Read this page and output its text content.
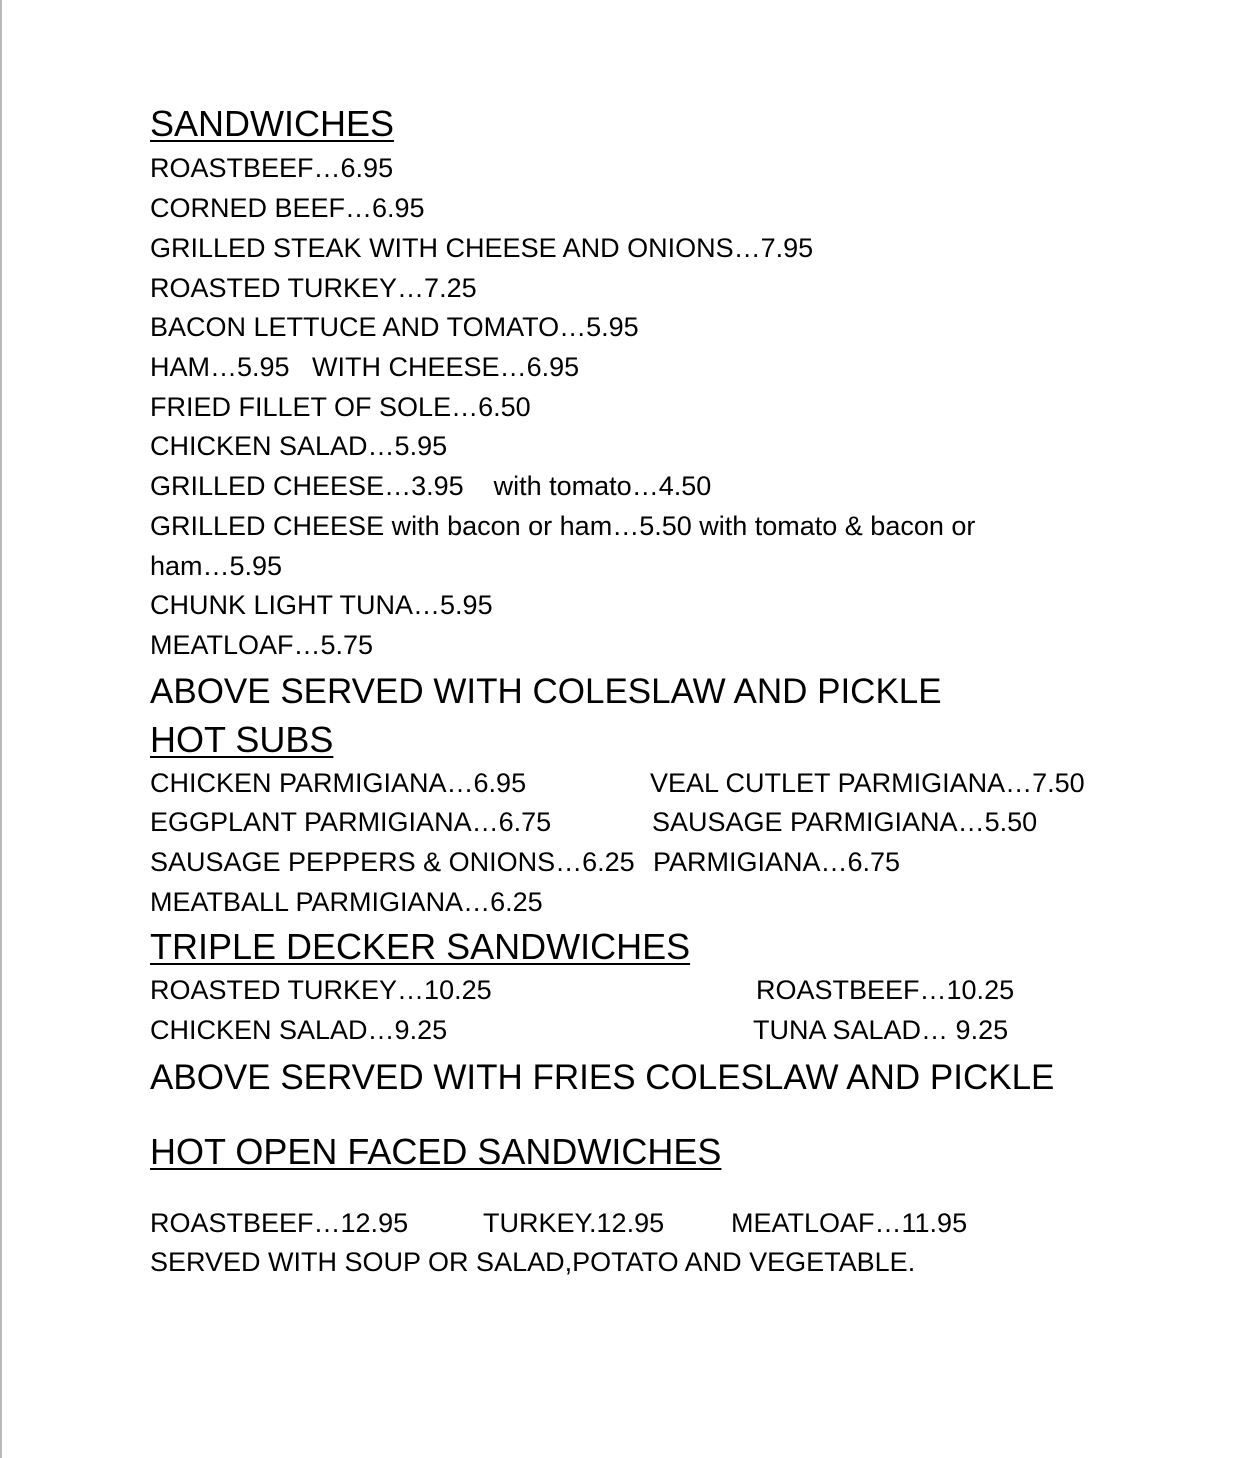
SANDWICHES
ROASTBEEF…6.95
CORNED BEEF…6.95
GRILLED STEAK WITH CHEESE AND ONIONS…7.95
ROASTED TURKEY…7.25
BACON LETTUCE AND TOMATO…5.95
HAM…5.95   WITH CHEESE…6.95
FRIED FILLET OF SOLE…6.50
CHICKEN SALAD…5.95
GRILLED CHEESE…3.95    with tomato…4.50
GRILLED CHEESE with bacon or ham…5.50 with tomato & bacon or
ham…5.95
CHUNK LIGHT TUNA…5.95
MEATLOAF…5.75
ABOVE SERVED WITH COLESLAW AND PICKLE
HOT SUBS
CHICKEN PARMIGIANA…6.95	VEAL CUTLET PARMIGIANA…7.50
EGGPLANT PARMIGIANA…6.75	SAUSAGE PARMIGIANA…5.50
SAUSAGE PEPPERS & ONIONS…6.25 PARMIGIANA…6.75
MEATBALL PARMIGIANA…6.25
TRIPLE DECKER SANDWICHES
ROASTED TURKEY…10.25	ROASTBEEF…10.25
CHICKEN SALAD…9.25	TUNA SALAD… 9.25
ABOVE SERVED WITH FRIES COLESLAW AND PICKLE
HOT OPEN FACED SANDWICHES
ROASTBEEF…12.95	TURKEY.12.95 MEATLOAF…11.95
SERVED WITH SOUP OR SALAD,POTATO AND VEGETABLE.
